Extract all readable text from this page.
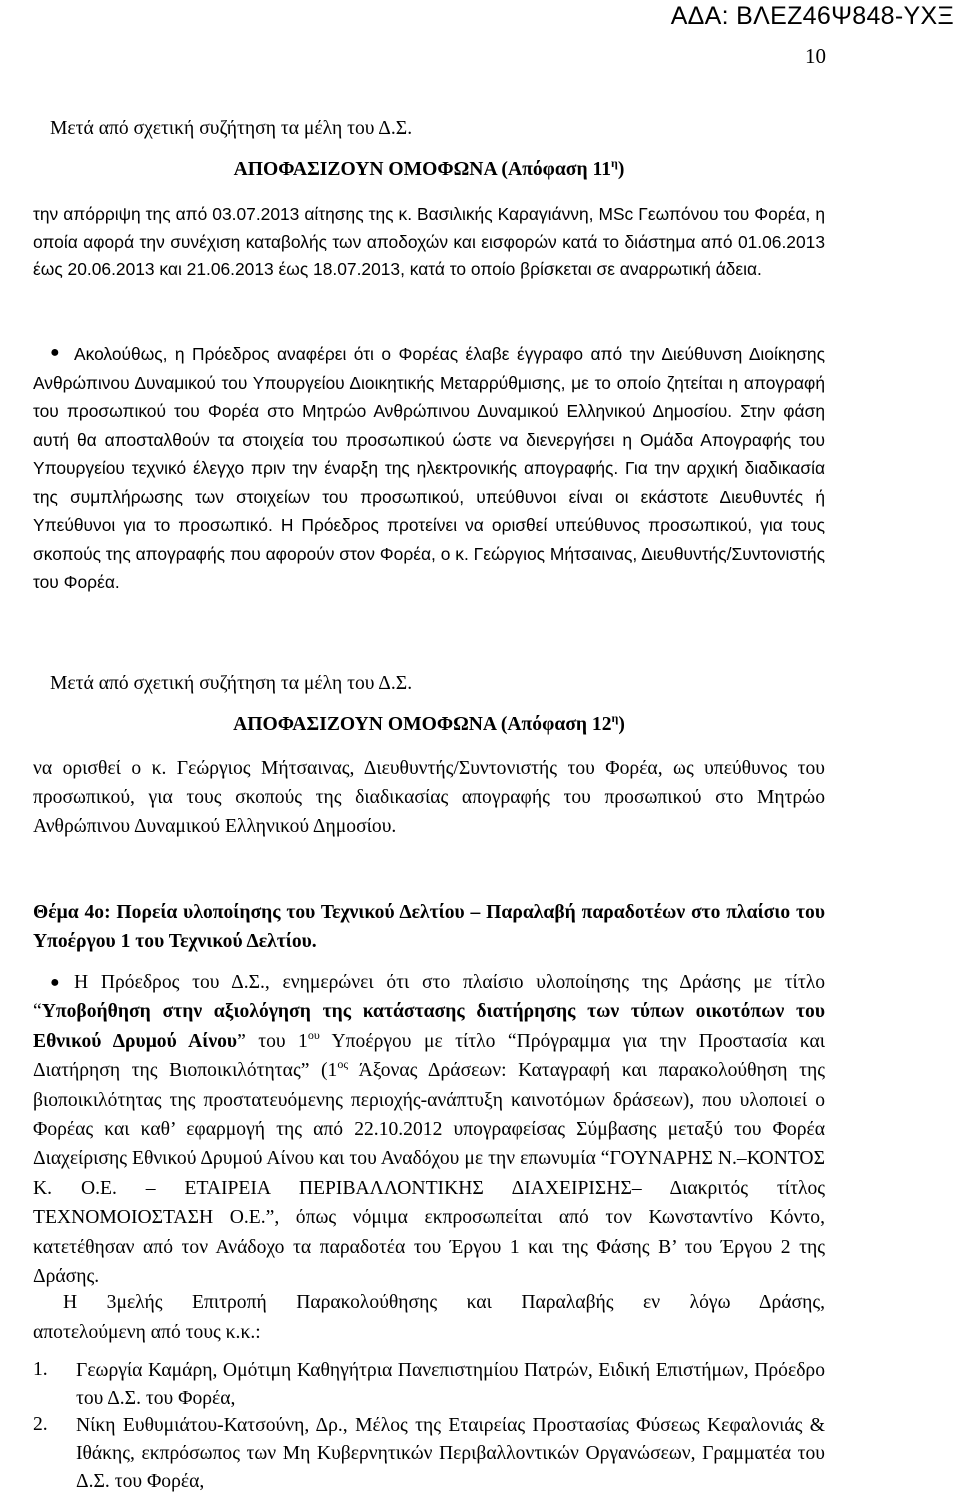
ΑΔΑ: ΒΛΕΖ46Ψ848-ΥΧΞ
10

Μετά από σχετική συζήτηση τα μέλη του Δ.Σ.

ΑΠΟΦΑΣΙΖΟΥΝ ΟΜΟΦΩΝΑ (Απόφαση $11^\eta$)

την απόρριψη της από 03.07.2013 αίτησης της κ. Βασιλικής Καραγιάννη, MSc Γεωπόνου του Φορέα, η οποία αφορά την συνέχιση καταβολής των αποδοχών και εισφορών κατά το διάστημα από 01.06.2013 έως 20.06.2013 και 21.06.2013 έως 18.07.2013, κατά το οποίο βρίσκεται σε αναρρωτική άδεια.

● Ακολούθως, η Πρόεδρος αναφέρει ότι ο Φορέας έλαβε έγγραφο από την Διεύθυνση Διοίκησης Ανθρώπινου Δυναμικού του Υπουργείου Διοικητικής Μεταρρύθμισης, με το οποίο ζητείται η απογραφή του προσωπικού του Φορέα στο Μητρώο Ανθρώπινου Δυναμικού Ελληνικού Δημοσίου. Στην φάση αυτή θα αποσταλθούν τα στοιχεία του προσωπικού ώστε να διενεργήσει η Ομάδα Απογραφής του Υπουργείου τεχνικό έλεγχο πριν την έναρξη της ηλεκτρονικής απογραφής. Για την αρχική διαδικασία της συμπλήρωσης των στοιχείων του προσωπικού, υπεύθυνοι είναι οι εκάστοτε Διευθυντές ή Υπεύθυνοι για το προσωπικό. Η Πρόεδρος προτείνει να ορισθεί υπεύθυνος προσωπικού, για τους σκοπούς της απογραφής που αφορούν στον Φορέα, ο κ. Γεώργιος Μήτσαινας, Διευθυντής/Συντονιστής του Φορέα.

Μετά από σχετική συζήτηση τα μέλη του Δ.Σ.

ΑΠΟΦΑΣΙΖΟΥΝ ΟΜΟΦΩΝΑ (Απόφαση $12^\eta$)

να ορισθεί ο κ. Γεώργιος Μήτσαινας, Διευθυντής/Συντονιστής του Φορέα, ως υπεύθυνος του προσωπικού, για τους σκοπούς της διαδικασίας απογραφής του προσωπικού στο Μητρώο Ανθρώπινου Δυναμικού Ελληνικού Δημοσίου.

Θέμα 4ο: Πορεία υλοποίησης του Τεχνικού Δελτίου – Παραλαβή παραδοτέων στο πλαίσιο του Υποέργου 1 του Τεχνικού Δελτίου.

● Η Πρόεδρος του Δ.Σ., ενημερώνει ότι στο πλαίσιο υλοποίησης της Δράσης με τίτλο “Υποβοήθηση στην αξιολόγηση της κατάστασης διατήρησης των τύπων οικοτόπων του Εθνικού Δρυμού Αίνου” του $1^{o\upsilon}$ Υποέργου με τίτλο “Πρόγραμμα για την Προστασία και Διατήρηση της Βιοποικιλότητας” ($1^{o\varsigma}$ Άξονας Δράσεων: Καταγραφή και παρακολούθηση της βιοποικιλότητας της προστατευόμενης περιοχής-ανάπτυξη καινοτόμων δράσεων), που υλοποιεί ο Φορέας και καθ’ εφαρμογή της από 22.10.2012 υπογραφείσας Σύμβασης μεταξύ του Φορέα Διαχείρισης Εθνικού Δρυμού Αίνου και του Αναδόχου με την επωνυμία “ΓΟΥΝΑΡΗΣ Ν.–ΚΟΝΤΟΣ Κ. Ο.Ε. – ΕΤΑΙΡΕΙΑ ΠΕΡΙΒΑΛΛΟΝΤΙΚΗΣ ΔΙΑΧΕΙΡΙΣΗΣ– Διακριτός τίτλος ΤΕΧΝΟΜΟΙΟΣΤΑΣΗ Ο.Ε.”, όπως νόμιμα εκπροσωπείται από τον Κωνσταντίνο Κόντο, κατετέθησαν από τον Ανάδοχο τα παραδοτέα του Έργου 1 και της Φάσης Β’ του Έργου 2 της Δράσης.

Η 3μελής Επιτροπή Παρακολούθησης και Παραλαβής εν λόγω Δράσης,

αποτελούμενη από τους κ.κ.:

1. Γεωργία Καμάρη, Ομότιμη Καθηγήτρια Πανεπιστημίου Πατρών, Ειδική Επιστήμων, Πρόεδρο του Δ.Σ. του Φορέα,
2. Νίκη Ευθυμιάτου-Κατσούνη, Δρ., Μέλος της Εταιρείας Προστασίας Φύσεως Κεφαλονιάς & Ιθάκης, εκπρόσωπος των Μη Κυβερνητικών Περιβαλλοντικών Οργανώσεων, Γραμματέα του Δ.Σ. του Φορέα,
